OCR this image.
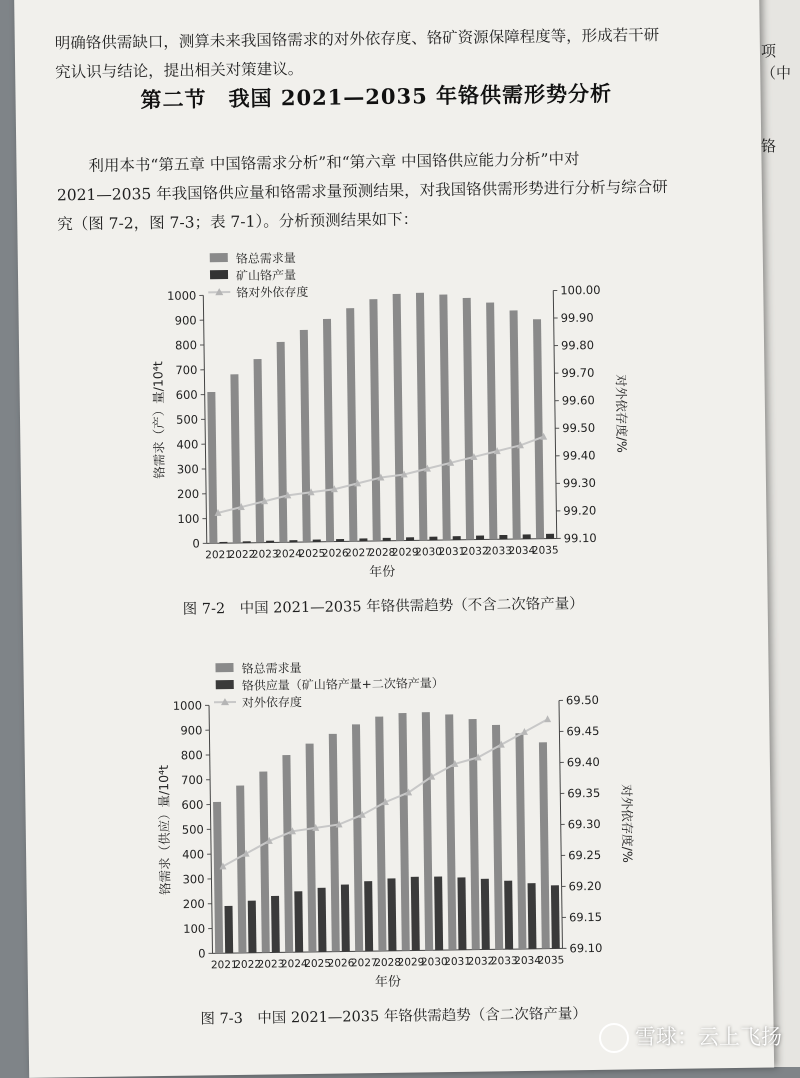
项
（中
铬
明确铬供需缺口，测算未来我国铬需求的对外依存度、铬矿资源保障程度等，形成若干研
究认识与结论，提出相关对策建议。
第二节　我国 2021—2035 年铬供需形势分析
利用本书“第五章 中国铬需求分析”和“第六章 中国铬供应能力分析”中对
2021—2035 年我国铬供应量和铬需求量预测结果，对我国铬供需形势进行分析与综合研
究（图 7-2，图 7-3；表 7-1）。分析预测结果如下：
铬总需求量
矿山铬产量
铬对外依存度
0
100
200
300
400
500
600
700
800
900
1000
99.10
99.20
99.30
99.40
99.50
99.60
99.70
99.80
99.90
100.00
2021
2022
2023
2024
2025
2026
2027
2028
2029
2030
2031
2032
2033
2034
2035
年份
铬需求（产）量/10⁴t	对外依存度/%
图 7-2　中国 2021—2035 年铬供需趋势（不含二次铬产量）
铬总需求量
铬供应量（矿山铬产量+二次铬产量）
对外依存度
0
100
200
300
400
500
600
700
800
900
1000
69.10
69.15
69.20
69.25
69.30
69.35
69.40
69.45
69.50
2021
2022
2023
2024
2025
2026
2027
2028
2029
2030
2031
2032
2033
2034
2035
年份
铬需求（供应）量/10⁴t	对外依存度/%
图 7-3　中国 2021—2035 年铬供需趋势（含二次铬产量）
雪球：云上飞扬
